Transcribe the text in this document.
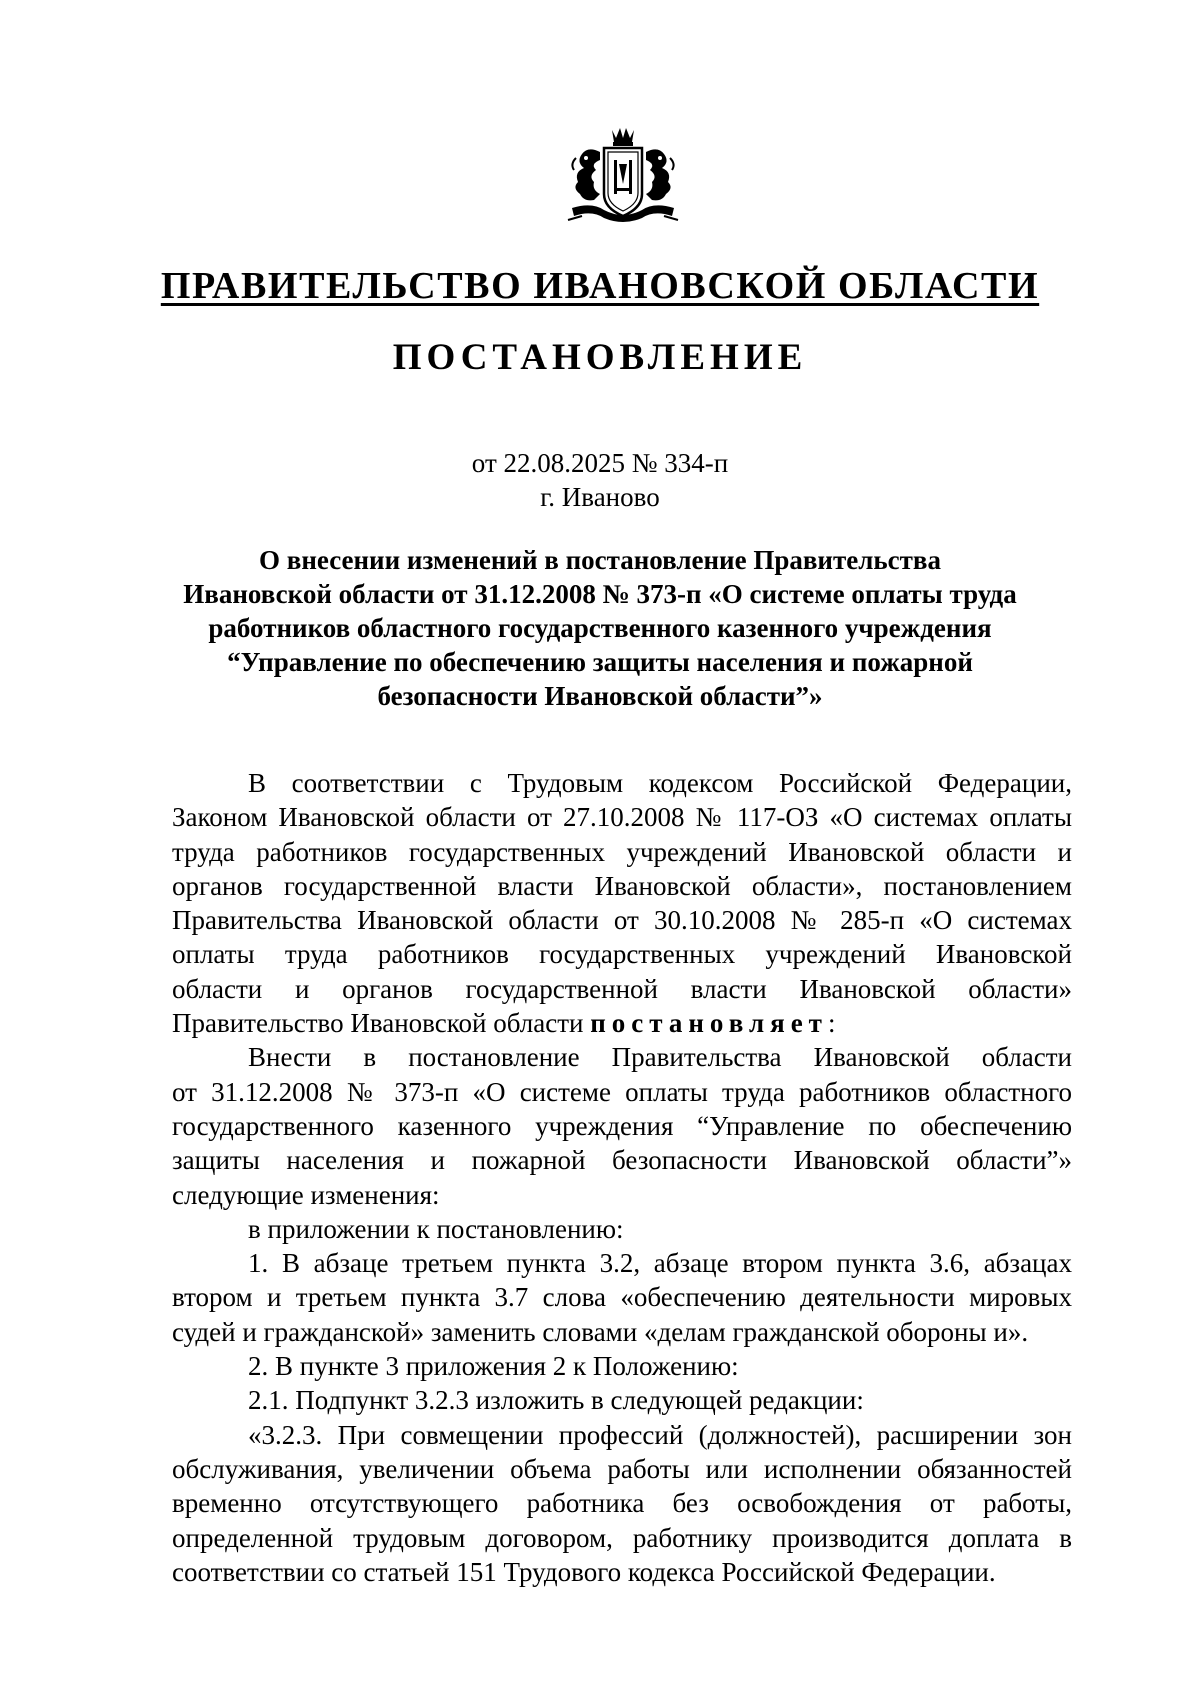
ПРАВИТЕЛЬСТВО ИВАНОВСКОЙ ОБЛАСТИ
ПОСТАНОВЛЕНИЕ
от 22.08.2025 № 334-п
г. Иваново
О внесении изменений в постановление Правительства
Ивановской области от 31.12.2008 № 373-п «О системе оплаты труда
работников областного государственного казенного учреждения
“Управление по обеспечению защиты населения и пожарной
безопасности Ивановской области”»
В соответствии с Трудовым кодексом Российской Федерации,
Законом Ивановской области от 27.10.2008 № 117-ОЗ «О системах оплаты
труда работников государственных учреждений Ивановской области и
органов государственной власти Ивановской области», постановлением
Правительства Ивановской области от 30.10.2008 № 285-п «О системах
оплаты труда работников государственных учреждений Ивановской
области и органов государственной власти Ивановской области»
Правительство Ивановской области постановляет:
Внести в постановление Правительства Ивановской области
от 31.12.2008 № 373-п «О системе оплаты труда работников областного
государственного казенного учреждения “Управление по обеспечению
защиты населения и пожарной безопасности Ивановской области”»
следующие изменения:
в приложении к постановлению:
1. В абзаце третьем пункта 3.2, абзаце втором пункта 3.6, абзацах
втором и третьем пункта 3.7 слова «обеспечению деятельности мировых
судей и гражданской» заменить словами «делам гражданской обороны и».
2. В пункте 3 приложения 2 к Положению:
2.1. Подпункт 3.2.3 изложить в следующей редакции:
«3.2.3. При совмещении профессий (должностей), расширении зон
обслуживания, увеличении объема работы или исполнении обязанностей
временно отсутствующего работника без освобождения от работы,
определенной трудовым договором, работнику производится доплата в
соответствии со статьей 151 Трудового кодекса Российской Федерации.
